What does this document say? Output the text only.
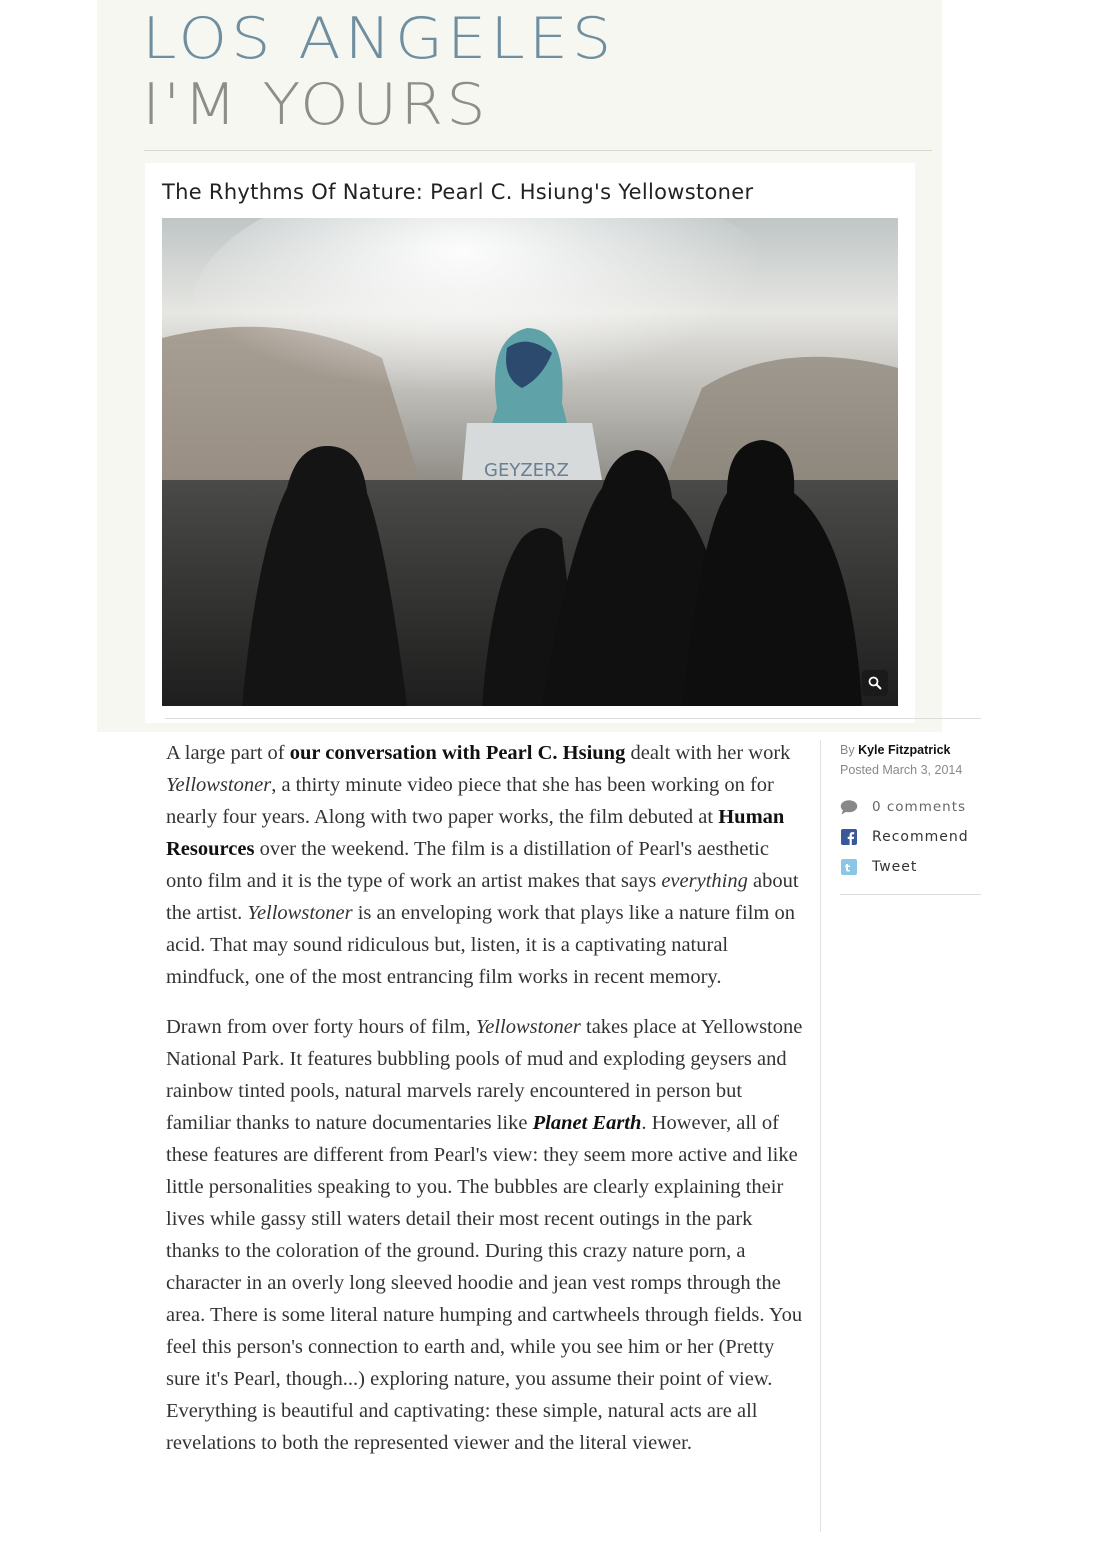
LOS ANGELES
I'M YOURS
The Rhythms Of Nature: Pearl C. Hsiung's Yellowstoner
GEYZERZ

A large part of our conversation with Pearl C. Hsiung dealt with her work Yellowstoner, a thirty minute video piece that she has been working on for nearly four years. Along with two paper works, the film debuted at Human Resources over the weekend. The film is a distillation of Pearl's aesthetic onto film and it is the type of work an artist makes that says everything about the artist. Yellowstoner is an enveloping work that plays like a nature film on acid. That may sound ridiculous but, listen, it is a captivating natural mindfuck, one of the most entrancing film works in recent memory.

Drawn from over forty hours of film, Yellowstoner takes place at Yellowstone National Park. It features bubbling pools of mud and exploding geysers and rainbow tinted pools, natural marvels rarely encountered in person but familiar thanks to nature documentaries like Planet Earth. However, all of these features are different from Pearl's view: they seem more active and like little personalities speaking to you. The bubbles are clearly explaining their lives while gassy still waters detail their most recent outings in the park thanks to the coloration of the ground. During this crazy nature porn, a character in an overly long sleeved hoodie and jean vest romps through the area. There is some literal nature humping and cartwheels through fields. You feel this person's connection to earth and, while you see him or her (Pretty sure it's Pearl, though...) exploring nature, you assume their point of view. Everything is beautiful and captivating: these simple, natural acts are all revelations to both the represented viewer and the literal viewer.

By Kyle Fitzpatrick
Posted March 3, 2014
0 comments
Recommend
t Tweet
